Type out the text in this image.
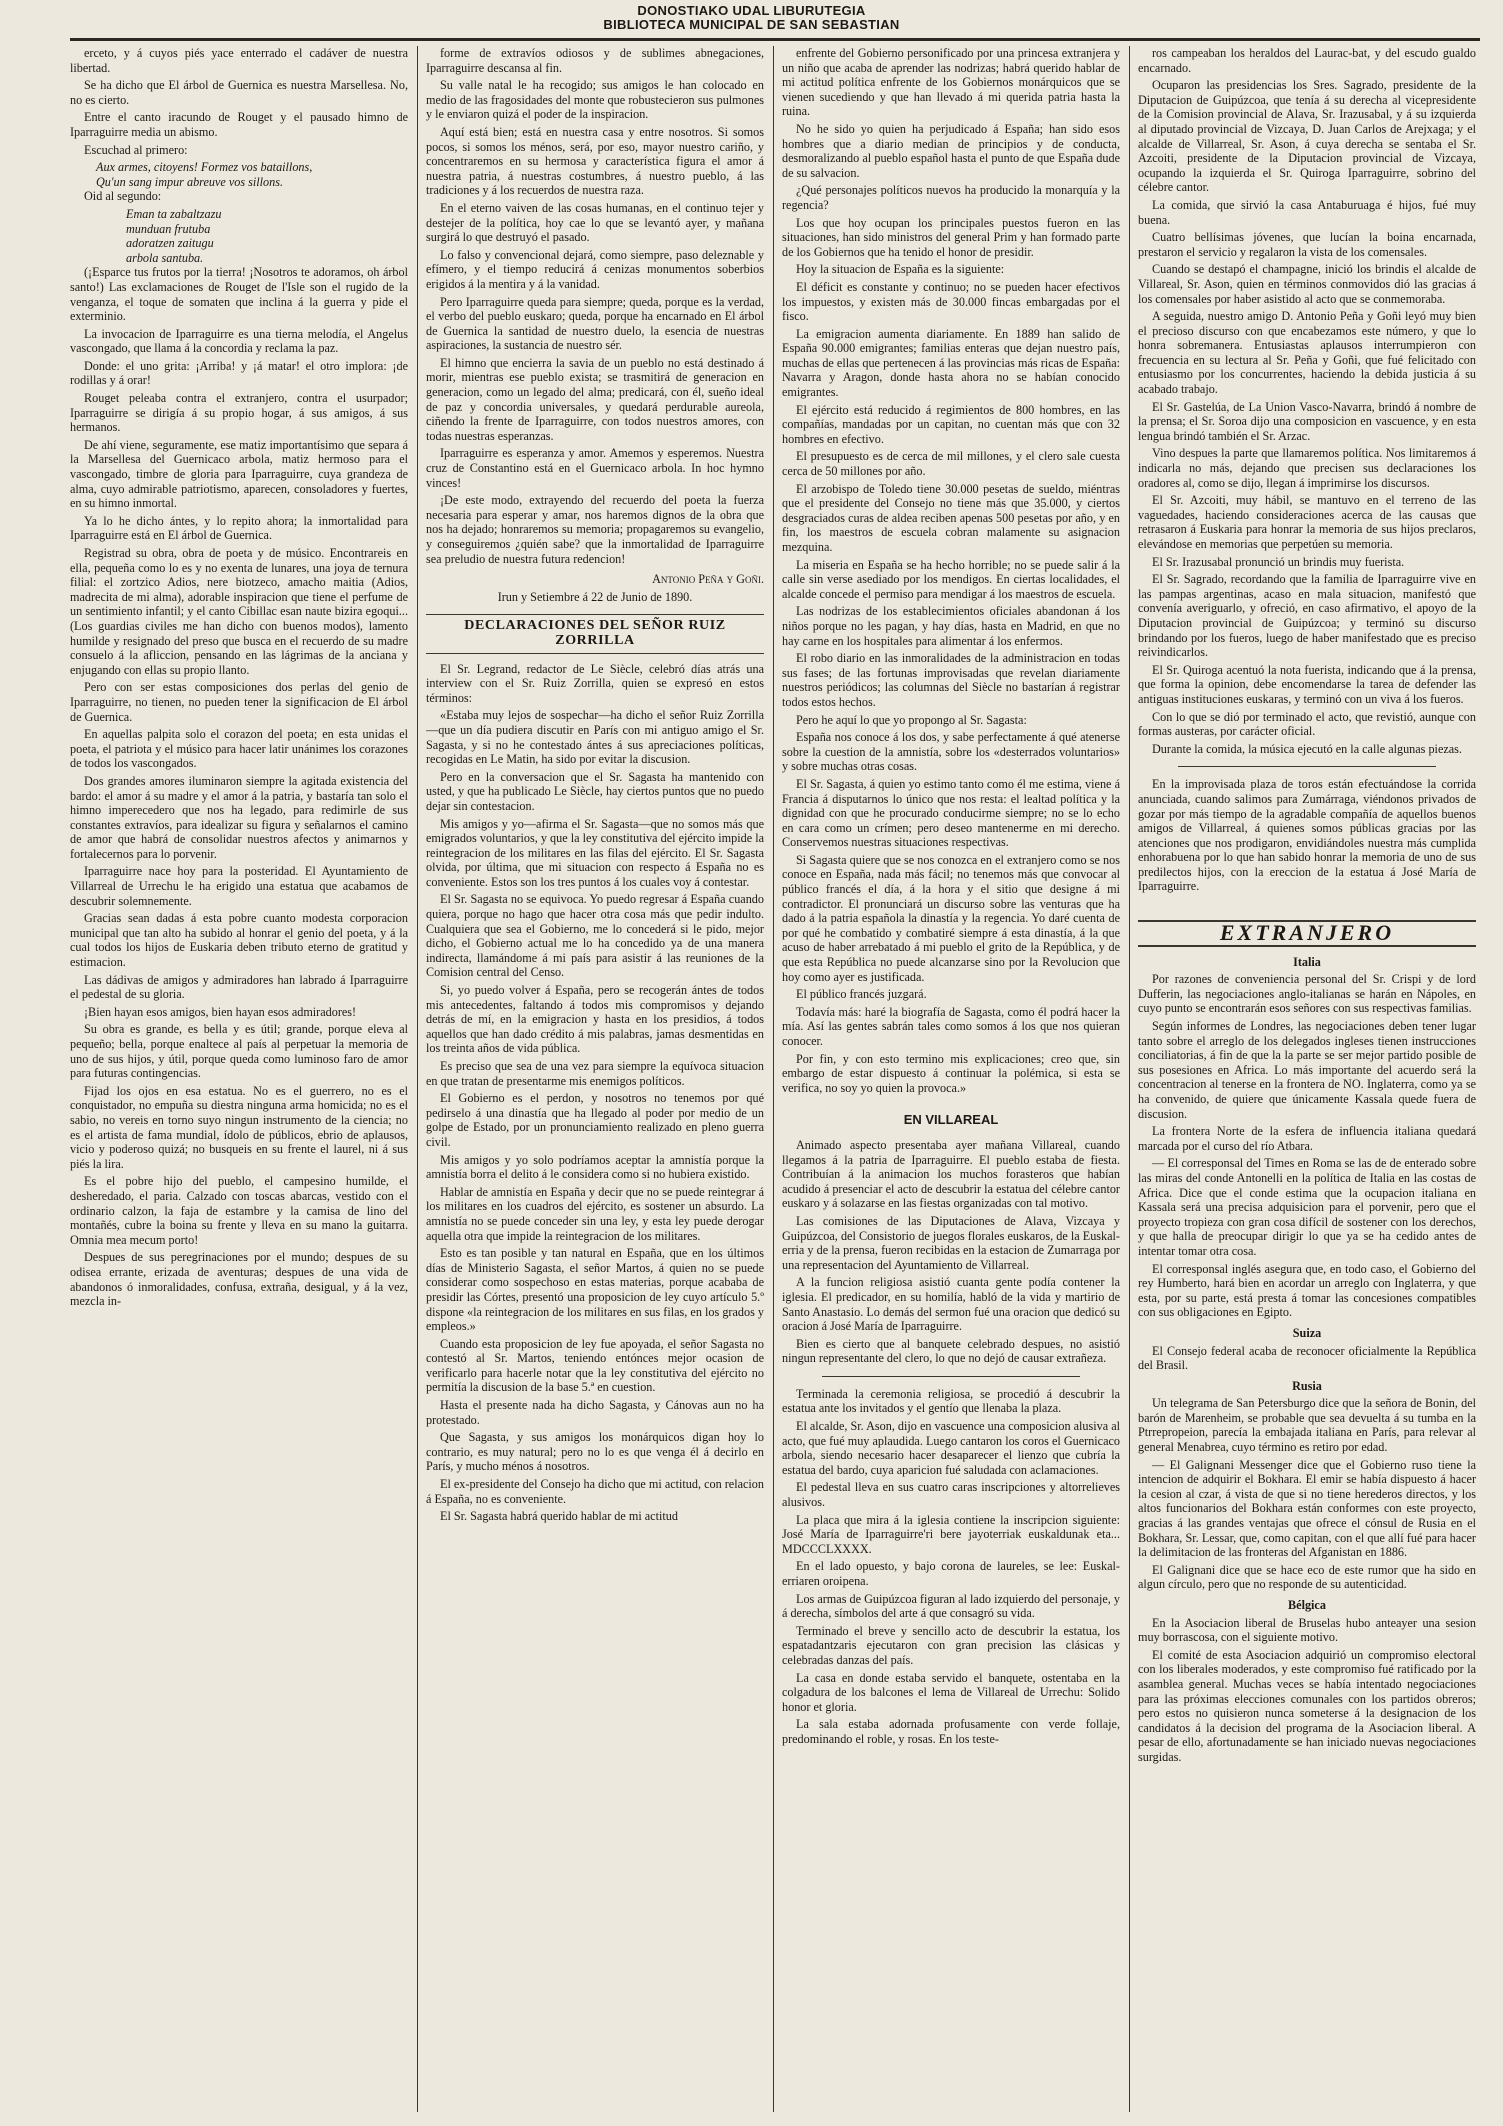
DONOSTIAKO UDAL LIBURUTEGIA
BIBLIOTECA MUNICIPAL DE SAN SEBASTIAN

erceto, y á cuyos piés yace enterrado el cadáver de nuestra libertad.

Se ha dicho que El árbol de Guernica es nuestra Marsellesa. No, no es cierto.

Entre el canto iracundo de Rouget y el pausado himno de Iparraguirre media un abismo.

Escuchad al primero:

Aux armes, citoyens! Formez vos bataillons,

Qu'un sang impur abreuve vos sillons.

Oid al segundo:

Eman ta zabaltzazu

munduan frutuba

adoratzen zaitugu

arbola santuba.

(¡Esparce tus frutos por la tierra! ¡Nosotros te adoramos, oh árbol santo!) Las exclamaciones de Rouget de l'Isle son el rugido de la venganza, el toque de somaten que inclina á la guerra y pide el exterminio.

La invocacion de Iparraguirre es una tierna melodía, el Angelus vascongado, que llama á la concordia y reclama la paz.

Donde: el uno grita: ¡Arriba! y ¡á matar! el otro implora: ¡de rodillas y á orar!

Rouget peleaba contra el extranjero, contra el usurpador; Iparraguirre se dirigía á su propio hogar, á sus amigos, á sus hermanos.

De ahí viene, seguramente, ese matiz importantísimo que separa á la Marsellesa del Guernicaco arbola, matiz hermoso para el vascongado, timbre de gloria para Iparraguirre, cuya grandeza de alma, cuyo admirable patriotismo, aparecen, consoladores y fuertes, en su himno inmortal.

Ya lo he dicho ántes, y lo repito ahora; la inmortalidad para Iparraguirre está en El árbol de Guernica.

Registrad su obra, obra de poeta y de músico. Encontrareis en ella, pequeña como lo es y no exenta de lunares, una joya de ternura filial: el zortzico Adios, nere biotzeco, amacho maitia (Adios, madrecita de mi alma), adorable inspiracion que tiene el perfume de un sentimiento infantil; y el canto Cibillac esan naute bizira egoqui... (Los guardias civiles me han dicho con buenos modos), lamento humilde y resignado del preso que busca en el recuerdo de su madre consuelo á la afliccion, pensando en las lágrimas de la anciana y enjugando con ellas su propio llanto.

Pero con ser estas composiciones dos perlas del genio de Iparraguirre, no tienen, no pueden tener la significacion de El árbol de Guernica.

En aquellas palpita solo el corazon del poeta; en esta unidas el poeta, el patriota y el músico para hacer latir unánimes los corazones de todos los vascongados.

Dos grandes amores iluminaron siempre la agitada existencia del bardo: el amor á su madre y el amor á la patria, y bastaría tan solo el himno imperecedero que nos ha legado, para redimirle de sus constantes extravíos, para idealizar su figura y señalarnos el camino de amor que habrá de consolidar nuestros afectos y animarnos y fortalecernos para lo porvenir.

Iparraguirre nace hoy para la posteridad. El Ayuntamiento de Villarreal de Urrechu le ha erigido una estatua que acabamos de descubrir solemnemente.

Gracias sean dadas á esta pobre cuanto modesta corporacion municipal que tan alto ha subido al honrar el genio del poeta, y á la cual todos los hijos de Euskaria deben tributo eterno de gratitud y estimacion.

Las dádivas de amigos y admiradores han labrado á Iparraguirre el pedestal de su gloria.

¡Bien hayan esos amigos, bien hayan esos admiradores!

Su obra es grande, es bella y es útil; grande, porque eleva al pequeño; bella, porque enaltece al país al perpetuar la memoria de uno de sus hijos, y útil, porque queda como luminoso faro de amor para futuras contingencias.

Fijad los ojos en esa estatua. No es el guerrero, no es el conquistador, no empuña su diestra ninguna arma homicida; no es el sabio, no vereis en torno suyo ningun instrumento de la ciencia; no es el artista de fama mundial, ídolo de públicos, ebrio de aplausos, vicio y poderoso quizá; no busqueis en su frente el laurel, ni á sus piés la lira.

Es el pobre hijo del pueblo, el campesino humilde, el desheredado, el paria. Calzado con toscas abarcas, vestido con el ordinario calzon, la faja de estambre y la camisa de lino del montañés, cubre la boina su frente y lleva en su mano la guitarra. Omnia mea mecum porto!

Despues de sus peregrinaciones por el mundo; despues de su odisea errante, erizada de aventuras; despues de una vida de abandonos ó inmoralidades, confusa, extraña, desigual, y á la vez, mezcla in-

forme de extravíos odiosos y de sublimes abnegaciones, Iparraguirre descansa al fin.

Su valle natal le ha recogido; sus amigos le han colocado en medio de las fragosidades del monte que robustecieron sus pulmones y le enviaron quizá el poder de la inspiracion.

Aquí está bien; está en nuestra casa y entre nosotros. Si somos pocos, si somos los ménos, será, por eso, mayor nuestro cariño, y concentraremos en su hermosa y característica figura el amor á nuestra patria, á nuestras costumbres, á nuestro pueblo, á las tradiciones y á los recuerdos de nuestra raza.

En el eterno vaiven de las cosas humanas, en el continuo tejer y destejer de la política, hoy cae lo que se levantó ayer, y mañana surgirá lo que destruyó el pasado.

Lo falso y convencional dejará, como siempre, paso deleznable y efímero, y el tiempo reducirá á cenizas monumentos soberbios erigidos á la mentira y á la vanidad.

Pero Iparraguirre queda para siempre; queda, porque es la verdad, el verbo del pueblo euskaro; queda, porque ha encarnado en El árbol de Guernica la santidad de nuestro duelo, la esencia de nuestras aspiraciones, la sustancia de nuestro sér.

El himno que encierra la savia de un pueblo no está destinado á morir, mientras ese pueblo exista; se trasmitirá de generacion en generacion, como un legado del alma; predicará, con él, sueño ideal de paz y concordia universales, y quedará perdurable aureola, ciñendo la frente de Iparraguirre, con todos nuestros amores, con todas nuestras esperanzas.

Iparraguirre es esperanza y amor. Amemos y esperemos. Nuestra cruz de Constantino está en el Guernicaco arbola. In hoc hymno vinces!

¡De este modo, extrayendo del recuerdo del poeta la fuerza necesaria para esperar y amar, nos haremos dignos de la obra que nos ha dejado; honraremos su memoria; propagaremos su evangelio, y conseguiremos ¿quién sabe? que la inmortalidad de Iparraguirre sea preludio de nuestra futura redencion!

Antonio Peña y Goñi.

Irun y Setiembre á 22 de Junio de 1890.

DECLARACIONES DEL SEÑOR RUIZ ZORRILLA

El Sr. Legrand, redactor de Le Siècle, celebró días atrás una interview con el Sr. Ruiz Zorrilla, quien se expresó en estos términos:

«Estaba muy lejos de sospechar—ha dicho el señor Ruiz Zorrilla—que un día pudiera discutir en París con mi antiguo amigo el Sr. Sagasta, y si no he contestado ántes á sus apreciaciones políticas, recogidas en Le Matin, ha sido por evitar la discusion.

Pero en la conversacion que el Sr. Sagasta ha mantenido con usted, y que ha publicado Le Siècle, hay ciertos puntos que no puedo dejar sin contestacion.

Mis amigos y yo—afirma el Sr. Sagasta—que no somos más que emigrados voluntarios, y que la ley constitutiva del ejército impide la reintegracion de los militares en las filas del ejército. El Sr. Sagasta olvida, por última, que mi situacion con respecto á España no es conveniente. Estos son los tres puntos á los cuales voy á contestar.

El Sr. Sagasta no se equivoca. Yo puedo regresar á España cuando quiera, porque no hago que hacer otra cosa más que pedir indulto. Cualquiera que sea el Gobierno, me lo concederá si le pido, mejor dicho, el Gobierno actual me lo ha concedido ya de una manera indirecta, llamándome á mi país para asistir á las reuniones de la Comision central del Censo.

Si, yo puedo volver á España, pero se recogerán ántes de todos mis antecedentes, faltando á todos mis compromisos y dejando detrás de mí, en la emigracion y hasta en los presidios, á todos aquellos que han dado crédito á mis palabras, jamas desmentidas en los treinta años de vida pública.

Es preciso que sea de una vez para siempre la equívoca situacion en que tratan de presentarme mis enemigos políticos.

El Gobierno es el perdon, y nosotros no tenemos por qué pedirselo á una dinastía que ha llegado al poder por medio de un golpe de Estado, por un pronunciamiento realizado en pleno guerra civil.

Mis amigos y yo solo podríamos aceptar la amnistía porque la amnistía borra el delito á le considera como si no hubiera existido.

Hablar de amnistía en España y decir que no se puede reintegrar á los militares en los cuadros del ejército, es sostener un absurdo. La amnistía no se puede conceder sin una ley, y esta ley puede derogar aquella otra que impide la reintegracion de los militares.

Esto es tan posible y tan natural en España, que en los últimos días de Ministerio Sagasta, el señor Martos, á quien no se puede considerar como sospechoso en estas materias, porque acababa de presidir las Córtes, presentó una proposicion de ley cuyo artículo 5.º dispone «la reintegracion de los militares en sus filas, en los grados y empleos.»

Cuando esta proposicion de ley fue apoyada, el señor Sagasta no contestó al Sr. Martos, teniendo entónces mejor ocasion de verificarlo para hacerle notar que la ley constitutiva del ejército no permitía la discusion de la base 5.ª en cuestion.

Hasta el presente nada ha dicho Sagasta, y Cánovas aun no ha protestado.

Que Sagasta, y sus amigos los monárquicos digan hoy lo contrario, es muy natural; pero no lo es que venga él á decirlo en París, y mucho ménos á nosotros.

El ex-presidente del Consejo ha dicho que mi actitud, con relacion á España, no es conveniente.

El Sr. Sagasta habrá querido hablar de mi actitud

enfrente del Gobierno personificado por una princesa extranjera y un niño que acaba de aprender las nodrizas; habrá querido hablar de mi actitud política enfrente de los Gobiernos monárquicos que se vienen sucediendo y que han llevado á mi querida patria hasta la ruina.

No he sido yo quien ha perjudicado á España; han sido esos hombres que a diario median de principios y de conducta, desmoralizando al pueblo español hasta el punto de que España dude de su salvacion.

¿Qué personajes políticos nuevos ha producido la monarquía y la regencia?

Los que hoy ocupan los principales puestos fueron en las situaciones, han sido ministros del general Prim y han formado parte de los Gobiernos que ha tenido el honor de presidir.

Hoy la situacion de España es la siguiente:

El déficit es constante y continuo; no se pueden hacer efectivos los impuestos, y existen más de 30.000 fincas embargadas por el fisco.

La emigracion aumenta diariamente. En 1889 han salido de España 90.000 emigrantes; familias enteras que dejan nuestro país, muchas de ellas que pertenecen á las provincias más ricas de España: Navarra y Aragon, donde hasta ahora no se habían conocido emigrantes.

El ejército está reducido á regimientos de 800 hombres, en las compañías, mandadas por un capitan, no cuentan más que con 32 hombres en efectivo.

El presupuesto es de cerca de mil millones, y el clero sale cuesta cerca de 50 millones por año.

El arzobispo de Toledo tiene 30.000 pesetas de sueldo, miéntras que el presidente del Consejo no tiene más que 35.000, y ciertos desgraciados curas de aldea reciben apenas 500 pesetas por año, y en fin, los maestros de escuela cobran malamente su asignacion mezquina.

La miseria en España se ha hecho horrible; no se puede salir á la calle sin verse asediado por los mendigos. En ciertas localidades, el alcalde concede el permiso para mendigar á los maestros de escuela.

Las nodrizas de los establecimientos oficiales abandonan á los niños porque no les pagan, y hay días, hasta en Madrid, en que no hay carne en los hospitales para alimentar á los enfermos.

El robo diario en las inmoralidades de la administracion en todas sus fases; de las fortunas improvisadas que revelan diariamente nuestros periódicos; las columnas del Siècle no bastarían á registrar todos estos hechos.

Pero he aquí lo que yo propongo al Sr. Sagasta:

España nos conoce á los dos, y sabe perfectamente á qué atenerse sobre la cuestion de la amnistía, sobre los «desterrados voluntarios» y sobre muchas otras cosas.

El Sr. Sagasta, á quien yo estimo tanto como él me estima, viene á Francia á disputarnos lo único que nos resta: el lealtad política y la dignidad con que he procurado conducirme siempre; no se lo echo en cara como un crímen; pero deseo mantenerme en mi derecho. Conservemos nuestras situaciones respectivas.

Si Sagasta quiere que se nos conozca en el extranjero como se nos conoce en España, nada más fácil; no tenemos más que convocar al público francés el día, á la hora y el sitio que designe á mi contradictor. El pronunciará un discurso sobre las venturas que ha dado á la patria española la dinastía y la regencia. Yo daré cuenta de por qué he combatido y combatiré siempre á esta dinastía, á la que acuso de haber arrebatado á mi pueblo el grito de la República, y de que esta República no puede alcanzarse sino por la Revolucion que hoy como ayer es justificada.

El público francés juzgará.

Todavía más: haré la biografía de Sagasta, como él podrá hacer la mía. Así las gentes sabrán tales como somos á los que nos quieran conocer.

Por fin, y con esto termino mis explicaciones; creo que, sin embargo de estar dispuesto á continuar la polémica, si esta se verifica, no soy yo quien la provoca.»

EN VILLAREAL

Animado aspecto presentaba ayer mañana Villareal, cuando llegamos á la patria de Iparraguirre. El pueblo estaba de fiesta. Contribuían á la animacion los muchos forasteros que habían acudido á presenciar el acto de descubrir la estatua del célebre cantor euskaro y á solazarse en las fiestas organizadas con tal motivo.

Las comisiones de las Diputaciones de Alava, Vizcaya y Guipúzcoa, del Consistorio de juegos florales euskaros, de la Euskal-erria y de la prensa, fueron recibidas en la estacion de Zumarraga por una representacion del Ayuntamiento de Villarreal.

A la funcion religiosa asistió cuanta gente podía contener la iglesia. El predicador, en su homilía, habló de la vida y martirio de Santo Anastasio. Lo demás del sermon fué una oracion que dedicó su oracion á José María de Iparraguirre.

Bien es cierto que al banquete celebrado despues, no asistió ningun representante del clero, lo que no dejó de causar extrañeza.

Terminada la ceremonia religiosa, se procedió á descubrir la estatua ante los invitados y el gentío que llenaba la plaza.

El alcalde, Sr. Ason, dijo en vascuence una composicion alusiva al acto, que fué muy aplaudida. Luego cantaron los coros el Guernicaco arbola, siendo necesario hacer desaparecer el lienzo que cubría la estatua del bardo, cuya aparicion fué saludada con aclamaciones.

El pedestal lleva en sus cuatro caras inscripciones y altorrelieves alusivos.

La placa que mira á la iglesia contiene la inscripcion siguiente: José María de Iparraguirre'ri bere jayoterriak euskaldunak eta... MDCCCLXXXX.

En el lado opuesto, y bajo corona de laureles, se lee: Euskal-erriaren oroipena.

Los armas de Guipúzcoa figuran al lado izquierdo del personaje, y á derecha, símbolos del arte á que consagró su vida.

Terminado el breve y sencillo acto de descubrir la estatua, los espatadantzaris ejecutaron con gran precision las clásicas y celebradas danzas del país.

La casa en donde estaba servido el banquete, ostentaba en la colgadura de los balcones el lema de Villareal de Urrechu: Solido honor et gloria.

La sala estaba adornada profusamente con verde follaje, predominando el roble, y rosas. En los teste-

ros campeaban los heraldos del Laurac-bat, y del escudo gualdo encarnado.

Ocuparon las presidencias los Sres. Sagrado, presidente de la Diputacion de Guipúzcoa, que tenía á su derecha al vicepresidente de la Comision provincial de Alava, Sr. Irazusabal, y á su izquierda al diputado provincial de Vizcaya, D. Juan Carlos de Arejxaga; y el alcalde de Villarreal, Sr. Ason, á cuya derecha se sentaba el Sr. Azcoiti, presidente de la Diputacion provincial de Vizcaya, ocupando la izquierda el Sr. Quiroga Iparraguirre, sobrino del célebre cantor.

La comida, que sirvió la casa Antaburuaga é hijos, fué muy buena.

Cuatro bellísimas jóvenes, que lucían la boina encarnada, prestaron el servicio y regalaron la vista de los comensales.

Cuando se destapó el champagne, inició los brindis el alcalde de Villareal, Sr. Ason, quien en términos conmovidos dió las gracias á los comensales por haber asistido al acto que se conmemoraba.

A seguida, nuestro amigo D. Antonio Peña y Goñi leyó muy bien el precioso discurso con que encabezamos este número, y que lo honra sobremanera. Entusiastas aplausos interrumpieron con frecuencia en su lectura al Sr. Peña y Goñi, que fué felicitado con entusiasmo por los concurrentes, haciendo la debida justicia á su acabado trabajo.

El Sr. Gastelúa, de La Union Vasco-Navarra, brindó á nombre de la prensa; el Sr. Soroa dijo una composicion en vascuence, y en esta lengua brindó también el Sr. Arzac.

Vino despues la parte que llamaremos política. Nos limitaremos á indicarla no más, dejando que precisen sus declaraciones los oradores al, como se dijo, llegan á imprimirse los discursos.

El Sr. Azcoiti, muy hábil, se mantuvo en el terreno de las vaguedades, haciendo consideraciones acerca de las causas que retrasaron á Euskaria para honrar la memoria de sus hijos preclaros, elevándose en memorias que perpetúen su memoria.

El Sr. Irazusabal pronunció un brindis muy fuerista.

El Sr. Sagrado, recordando que la familia de Iparraguirre vive en las pampas argentinas, acaso en mala situacion, manifestó que convenía averiguarlo, y ofreció, en caso afirmativo, el apoyo de la Diputacion provincial de Guipúzcoa; y terminó su discurso brindando por los fueros, luego de haber manifestado que es preciso reivindicarlos.

El Sr. Quiroga acentuó la nota fuerista, indicando que á la prensa, que forma la opinion, debe encomendarse la tarea de defender las antiguas instituciones euskaras, y terminó con un viva á los fueros.

Con lo que se dió por terminado el acto, que revistió, aunque con formas austeras, por carácter oficial.

Durante la comida, la música ejecutó en la calle algunas piezas.

En la improvisada plaza de toros están efectuándose la corrida anunciada, cuando salimos para Zumárraga, viéndonos privados de gozar por más tiempo de la agradable compañía de aquellos buenos amigos de Villarreal, á quienes somos públicas gracias por las atenciones que nos prodigaron, envidiándoles nuestra más cumplida enhorabuena por lo que han sabido honrar la memoria de uno de sus predilectos hijos, con la ereccion de la estatua á José María de Iparraguirre.

EXTRANJERO
Italia

Por razones de conveniencia personal del Sr. Crispi y de lord Dufferin, las negociaciones anglo-italianas se harán en Nápoles, en cuyo punto se encontrarán esos señores con sus respectivas familias.

Según informes de Londres, las negociaciones deben tener lugar tanto sobre el arreglo de los delegados ingleses tienen instrucciones conciliatorias, á fin de que la la parte se ser mejor partido posible de sus posesiones en Africa. Lo más importante del acuerdo será la concentracion al tenerse en la frontera de NO. Inglaterra, como ya se ha convenido, de quiere que únicamente Kassala quede fuera de discusion.

La frontera Norte de la esfera de influencia italiana quedará marcada por el curso del río Atbara.

— El corresponsal del Times en Roma se las de de enterado sobre las miras del conde Antonelli en la política de Italia en las costas de Africa. Dice que el conde estima que la ocupacion italiana en Kassala será una precisa adquisicion para el porvenir, pero que el proyecto tropieza con gran cosa difícil de sostener con los derechos, y que halla de preocupar dirigir lo que ya se ha cedido antes de intentar tomar otra cosa.

El corresponsal inglés asegura que, en todo caso, el Gobierno del rey Humberto, hará bien en acordar un arreglo con Inglaterra, y que esta, por su parte, está presta á tomar las concesiones compatibles con sus obligaciones en Egipto.

Suiza

El Consejo federal acaba de reconocer oficialmente la República del Brasil.

Rusia

Un telegrama de San Petersburgo dice que la señora de Bonin, del barón de Marenheim, se probable que sea devuelta á su tumba en la Ptrrepropeion, parecía la embajada italiana en París, para relevar al general Menabrea, cuyo término es retiro por edad.

— El Galignani Messenger dice que el Gobierno ruso tiene la intencion de adquirir el Bokhara. El emir se había dispuesto á hacer la cesion al czar, á vista de que si no tiene herederos directos, y los altos funcionarios del Bokhara están conformes con este proyecto, gracias á las grandes ventajas que ofrece el cónsul de Rusia en el Bokhara, Sr. Lessar, que, como capitan, con el que allí fué para hacer la delimitacion de las fronteras del Afganistan en 1886.

El Galignani dice que se hace eco de este rumor que ha sido en algun círculo, pero que no responde de su autenticidad.

Bélgica

En la Asociacion liberal de Bruselas hubo anteayer una sesion muy borrascosa, con el siguiente motivo.

El comité de esta Asociacion adquirió un compromiso electoral con los liberales moderados, y este compromiso fué ratificado por la asamblea general. Muchas veces se había intentado negociaciones para las próximas elecciones comunales con los partidos obreros; pero estos no quisieron nunca someterse á la designacion de los candidatos á la decision del programa de la Asociacion liberal. A pesar de ello, afortunadamente se han iniciado nuevas negociaciones surgidas.
